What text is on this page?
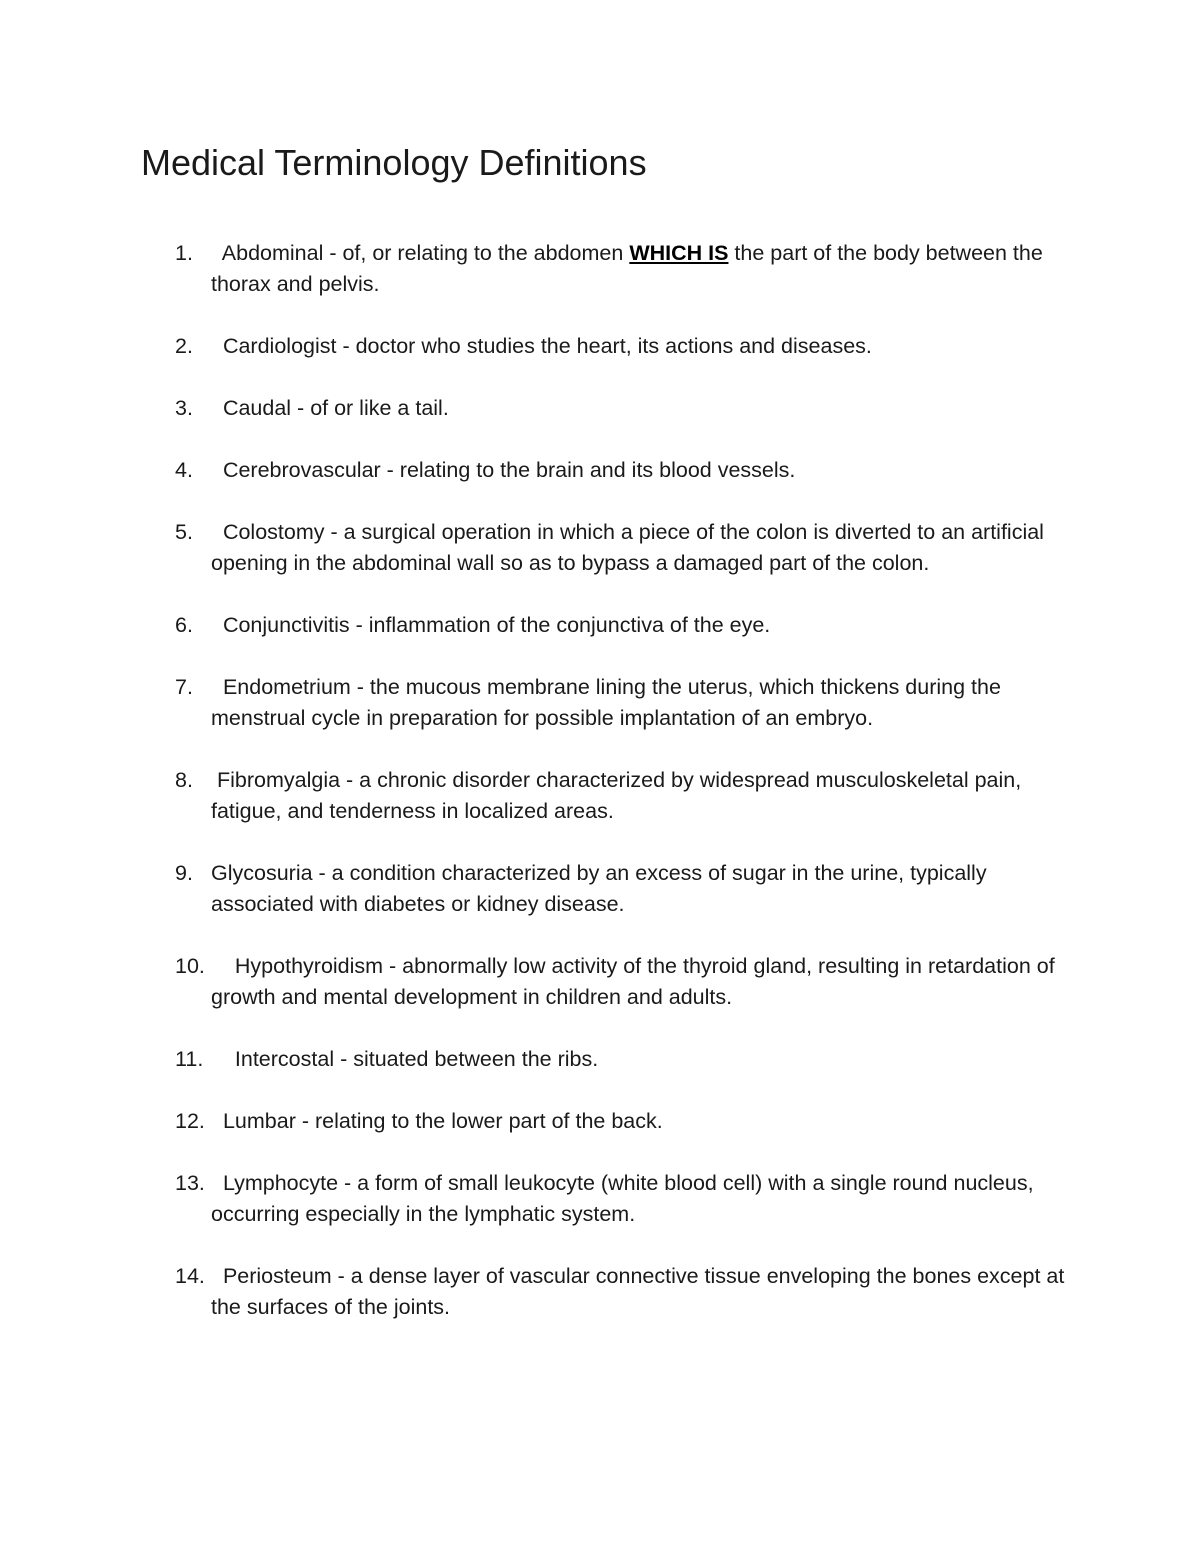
Medical Terminology Definitions
1. Abdominal - of, or relating to the abdomen WHICH IS the part of the body between the thorax and pelvis.
2. Cardiologist - doctor who studies the heart, its actions and diseases.
3. Caudal - of or like a tail.
4. Cerebrovascular - relating to the brain and its blood vessels.
5. Colostomy - a surgical operation in which a piece of the colon is diverted to an artificial opening in the abdominal wall so as to bypass a damaged part of the colon.
6. Conjunctivitis - inflammation of the conjunctiva of the eye.
7. Endometrium - the mucous membrane lining the uterus, which thickens during the menstrual cycle in preparation for possible implantation of an embryo.
8. Fibromyalgia - a chronic disorder characterized by widespread musculoskeletal pain, fatigue, and tenderness in localized areas.
9. Glycosuria - a condition characterized by an excess of sugar in the urine, typically associated with diabetes or kidney disease.
10. Hypothyroidism - abnormally low activity of the thyroid gland, resulting in retardation of growth and mental development in children and adults.
11. Intercostal - situated between the ribs.
12. Lumbar - relating to the lower part of the back.
13. Lymphocyte - a form of small leukocyte (white blood cell) with a single round nucleus, occurring especially in the lymphatic system.
14. Periosteum - a dense layer of vascular connective tissue enveloping the bones except at the surfaces of the joints.
